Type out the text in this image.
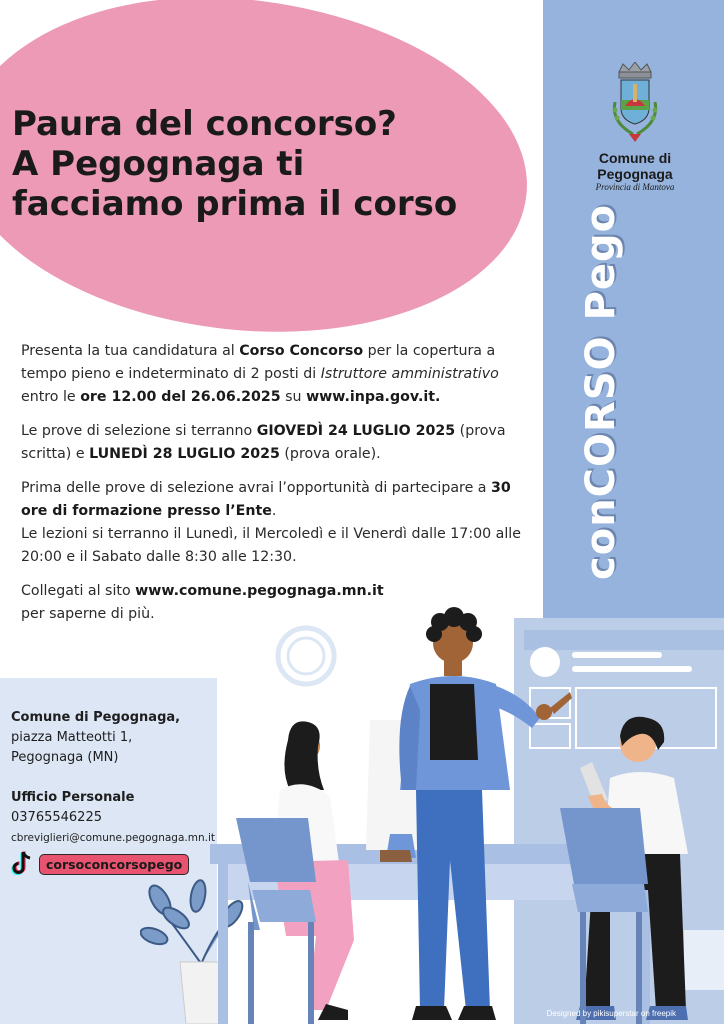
Paura del concorso?
A Pegognaga ti
facciamo prima il corso
Comune di Pegognaga
Provincia di Mantova
conCORSO Pego
Presenta la tua candidatura al Corso Concorso per la copertura a tempo pieno e indeterminato di 2 posti di Istruttore amministrativo entro le ore 12.00 del 26.06.2025 su www.inpa.gov.it.
Le prove di selezione si terranno GIOVEDÌ 24 LUGLIO 2025 (prova scritta) e LUNEDÌ 28 LUGLIO 2025 (prova orale).
Prima delle prove di selezione avrai l’opportunità di partecipare a 30 ore di formazione presso l’Ente.
Le lezioni si terranno il Lunedì, il Mercoledì e il Venerdì dalle 17:00 alle 20:00 e il Sabato dalle 8:30 alle 12:30.
Collegati al sito www.comune.pegognaga.mn.it
per saperne di più.
Comune di Pegognaga,
piazza Matteotti 1,
Pegognaga (MN)
Ufficio Personale
03765546225
cbreviglieri@comune.pegognaga.mn.it
corsoconcorsopego
Designed by pikisuperstar on freepik
